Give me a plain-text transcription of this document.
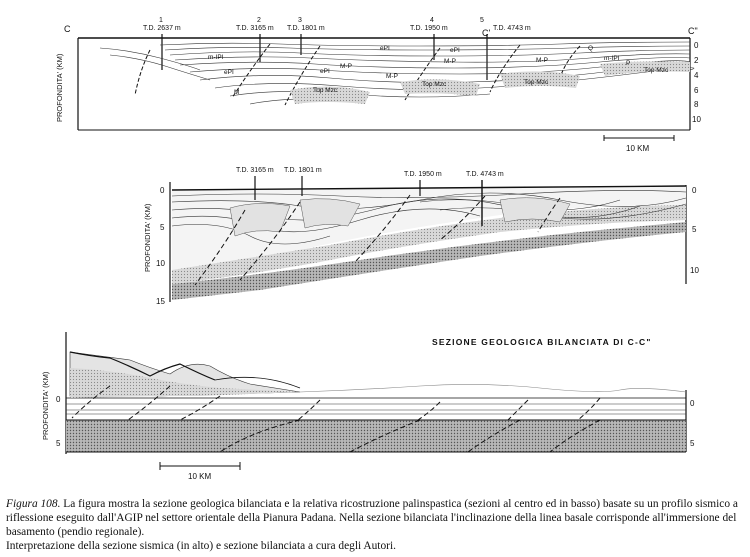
C	C'	C"
PROFONDITA' (KM)
0
2
4
6
8
10
1
T.D. 2637 m
2
T.D. 3165 m
3
T.D. 1801 m
4
T.D. 1950 m
5
T.D. 4743 m
m-IPI
ePI	ePI
ePI	ePI
M-P
M-P	M-P
M
M-P
Q
m-IPI
P
Top Mzc
Top Mzc	Top Mzc
Top Mzc
10 KM
T.D. 3165 m T.D. 1801 m
T.D. 1950 m	T.D. 4743 m
PROFONDITA' (KM)
0
5
10
15
0
5
10
SEZIONE GEOLOGICA BILANCIATA DI C-C"
PROFONDITA' (KM) 0
5
0
5
10 KM

Figura 108. La figura mostra la sezione geologica bilanciata e la relativa ricostruzione palinspastica (sezioni al centro ed in basso) basate su un profilo sismico a riflessione eseguito dall'AGIP nel settore orientale della Pianura Padana. Nella sezione bilanciata l'inclinazione della linea basale corrisponde all'immersione del basamento (pendio regionale).

Interpretazione della sezione sismica (in alto) e sezione bilanciata a cura degli Autori.
